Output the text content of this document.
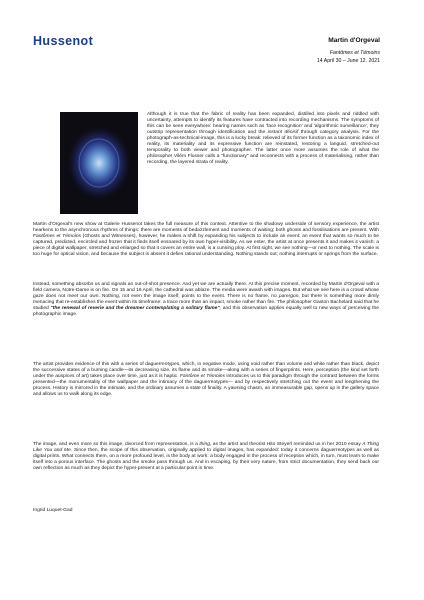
Hussenot	Martin d'Orgeval
Fantômes et Témoins
14 April 30 – June 12. 2021

Although it is true that the fabric of reality has been expanded, distilled into pixels and riddled with uncertainty, attempts to identify its features have contracted into recording mechanisms. The symptoms of this can be seen everywhere: bearing names such as 'face recognition' and 'algorithmic surveillance', they outstrip representation through identification and the instant décisif through category analysis. For the photograph-as-technical-image, this is a lucky break: relieved of its former function as a taxonomic index of reality, its materiality and its expressive function are reinstated, restoring a languid, stretched-out temporality to both viewer and photographer. The latter once more assumes the role of what the philosopher Vilém Flusser calls a "functionary" and reconnects with a process of materialising, rather than recording, the layered strata of reality.

Martin d'Orgeval's new show at Galerie Hussenot takes the full measure of this context. Attentive to the shadowy underside of sensory experience, the artist hearkens to the asynchronous rhythms of things: there are moments of bedazzlement and moments of waiting; both ghosts and fossilisations are present. With Fantômes et Témoins (Ghosts and Witnesses), however, he makes a shift by expanding his subjects to include an event: an event that wants so much to be captured, predicted, encircled and frozen that it finds itself ensnared by its own hyper-visibility. As we enter, the artist at once presents it and makes it vanish: a piece of digital wallpaper, stretched and enlarged so that it covers an entire wall, is a cunning ploy. At first sight, we see nothing—or next to nothing. The scale is too huge for optical vision, and because the subject is absent it defies rational understanding. Nothing stands out; nothing interrupts or springs from the surface.

Instead, something absorbs us and signals an out-of-shot presence. And yet we are actually there. At this precise moment, recorded by Martin d'Orgeval with a field camera, Notre-Dame is on fire. On 15 and 16 April, the cathedral was ablaze. The media were awash with images. But what we see here is a crowd whose gaze does not meet our own. Nothing, not even the image itself, points to the event. There is no frame, no parergon, but there is something more dimly menacing that re-establishes the event within its timeframe: a trace more than an impact, smoke rather than fire. The philosopher Gaston Bachelard said that he studied "the renewal of reverie and the dreamer contemplating a solitary flame", and this observation applies equally well to new ways of perceiving the photographic image.

The artist provides evidence of this with a series of daguerreotypes, which, in negative mode, using void rather than volume and white rather than black, depict the successive states of a burning candle—its decreasing size, its flame and its smoke—along with a series of fingerprints. Here, perception (the kind set forth under the auspices of art) takes place over time, just as it is haptic. Fantôme et Témoins introduces us to this paradigm through the contrast between the forms presented—the monumentality of the wallpaper and the intimacy of the daguerreotypes— and by respectively stretching out the event and lengthening the process. History is mirrored in the intimate, and the ordinary assumes a state of finality. A yawning chasm, an immeasurable gap, opens up in the gallery space and allows us to walk along its edge.

The image, and even more so this image, divorced from representation, is a thing, as the artist and theorist Hito Steyerl reminded us in her 2010 essay A Thing Like You and Me. Since then, the scope of this observation, originally applied to digital images, has expanded: today it concerns daguerreotypes as well as digital prints. What connects them, on a more profound level, is the body at work: a body engaged in the process of reception which, in turn, must learn to make itself into a porous interface. The ghosts and the smoke pass through us. And in escaping, by their very nature, from strict documentation, they send back our own reflection as much as they depict the hyper-present at a particular point in time.

Ingrid Luquet-Gad
